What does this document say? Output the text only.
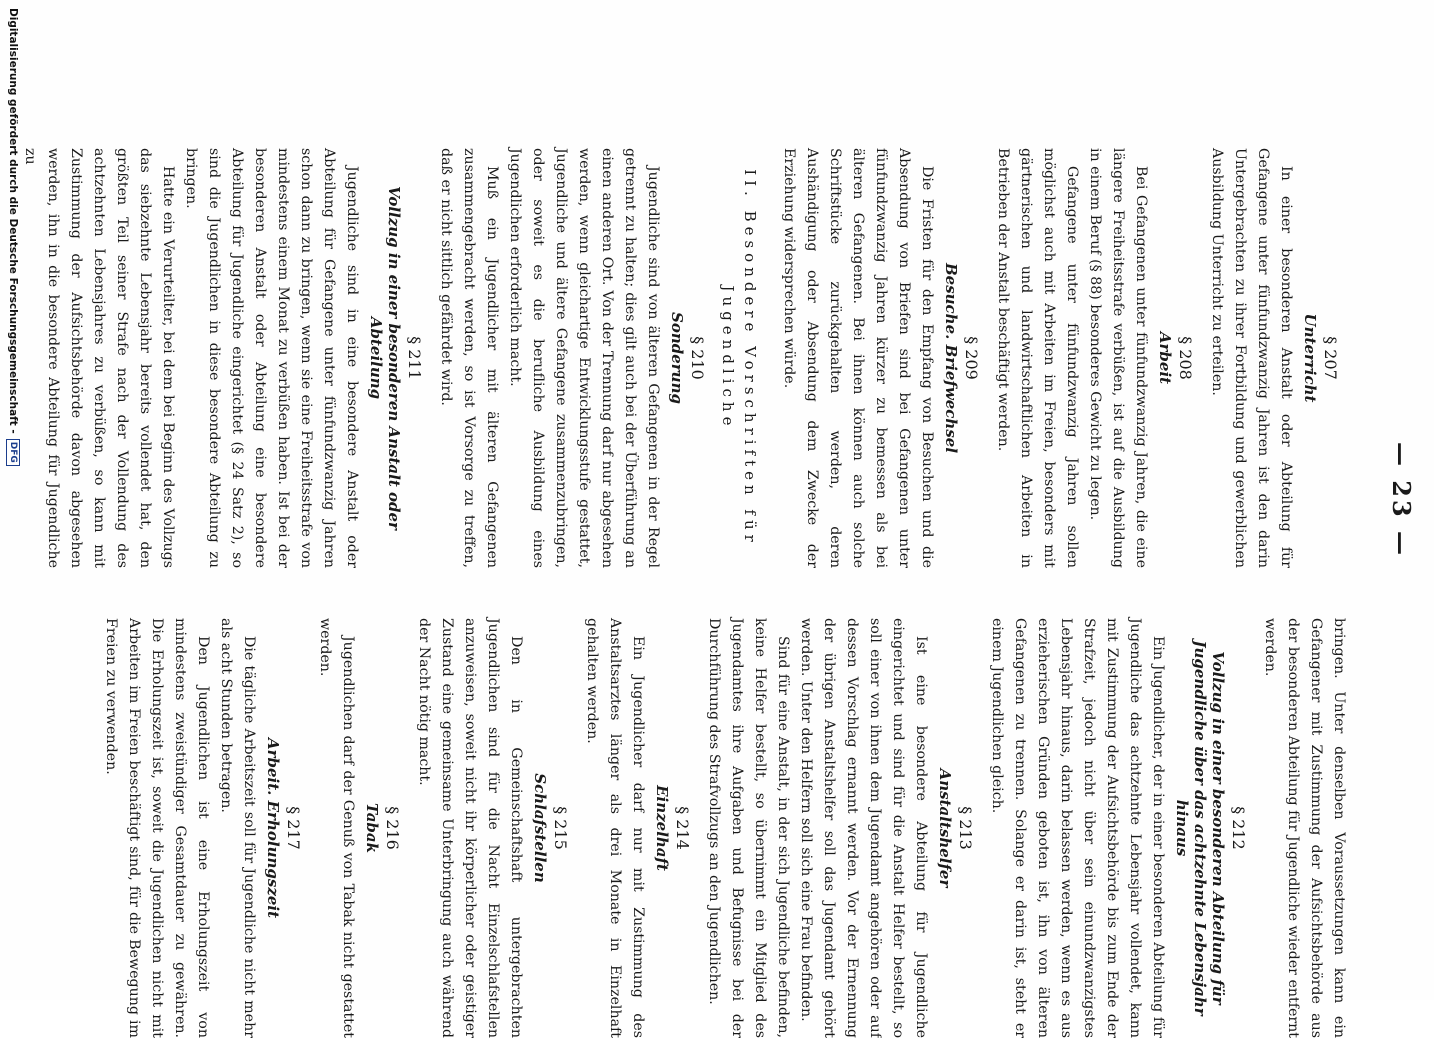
— 23 —
§ 207
Unterricht

In einer besonderen Anstalt oder Abteilung für Gefangene unter fünfundzwanzig Jahren ist den darin Untergebrachten zu ihrer Fortbildung und gewerblichen Ausbildung Unterricht zu erteilen.

§ 208
Arbeit

Bei Gefangenen unter fünfundzwanzig Jahren, die eine längere Freiheitsstrafe verbüßen, ist auf die Ausbildung in einem Beruf (§ 88) besonderes Gewicht zu legen.

Gefangene unter fünfundzwanzig Jahren sollen möglichst auch mit Arbeiten im Freien, besonders mit gärtnerischen und landwirtschaftlichen Arbeiten in Betrieben der Anstalt beschäftigt werden.

§ 209
Besuche. Briefwechsel

Die Fristen für den Empfang von Besuchen und die Absendung von Briefen sind bei Gefangenen unter fünfundzwanzig Jahren kürzer zu bemessen als bei älteren Gefangenen. Bei ihnen können auch solche Schriftstücke zurückgehalten werden, deren Aushändigung oder Absendung dem Zwecke der Erziehung widersprechen würde.

II. Besondere Vorschriften für Jugendliche
§ 210
Sonderung

Jugendliche sind von älteren Gefangenen in der Regel getrennt zu halten; dies gilt auch bei der Überführung an einen anderen Ort. Von der Trennung darf nur abgesehen werden, wenn gleichartige Entwicklungsstufe gestattet, Jugendliche und ältere Gefangene zusammenzubringen, oder soweit es die berufliche Ausbildung eines Jugendlichen erforderlich macht.

Muß ein Jugendlicher mit älteren Gefangenen zusammengebracht werden, so ist Vorsorge zu treffen, daß er nicht sittlich gefährdet wird.

§ 211
Vollzug in einer besonderen Anstalt oder Abteilung

Jugendliche sind in eine besondere Anstalt oder Abteilung für Gefangene unter fünfundzwanzig Jahren schon dann zu bringen, wenn sie eine Freiheitsstrafe von mindestens einem Monat zu verbüßen haben. Ist bei der besonderen Anstalt oder Abteilung eine besondere Abteilung für Jugendliche eingerichtet (§ 24 Satz 2), so sind die Jugendlichen in diese besondere Abteilung zu bringen.

Hatte ein Verurteilter, bei dem bei Beginn des Vollzugs das siebzehnte Lebensjahr bereits vollendet hat, den größten Teil seiner Strafe nach der Vollendung des achtzehnten Lebensjahres zu verbüßen, so kann mit Zustimmung der Aufsichtsbehörde davon abgesehen werden, ihn in die besondere Abteilung für Jugendliche zu

bringen. Unter denselben Voraussetzungen kann ein Gefangener mit Zustimmung der Aufsichtsbehörde aus der besonderen Abteilung für Jugendliche wieder entfernt werden.

§ 212
Vollzug in einer besonderen Abteilung für Jugendliche über das achtzehnte Lebensjahr hinaus

Ein Jugendlicher, der in einer besonderen Abteilung für Jugendliche das achtzehnte Lebensjahr vollendet, kann mit Zustimmung der Aufsichtsbehörde bis zum Ende der Strafzeit, jedoch nicht über sein einundzwanzigstes Lebensjahr hinaus, darin belassen werden, wenn es aus erzieherischen Gründen geboten ist, ihn von älteren Gefangenen zu trennen. Solange er darin ist, steht er einem Jugendlichen gleich.

§ 213
Anstaltshelfer

Ist eine besondere Abteilung für Jugendliche eingerichtet und sind für die Anstalt Helfer bestellt, so soll einer von ihnen dem Jugendamt angehören oder auf dessen Vorschlag ernannt werden. Vor der Ernennung der übrigen Anstaltshelfer soll das Jugendamt gehört werden. Unter den Helfern soll sich eine Frau befinden.

Sind für eine Anstalt, in der sich Jugendliche befinden, keine Helfer bestellt, so übernimmt ein Mitglied des Jugendamtes ihre Aufgaben und Befugnisse bei der Durchführung des Strafvollzugs an den Jugendlichen.

§ 214
Einzelhaft

Ein Jugendlicher darf nur mit Zustimmung des Anstaltsarztes länger als drei Monate in Einzelhaft gehalten werden.

§ 215
Schlafstellen

Den in Gemeinschaftshaft untergebrachten Jugendlichen sind für die Nacht Einzelschlafstellen anzuweisen, soweit nicht ihr körperlicher oder geistiger Zustand eine gemeinsame Unterbringung auch während der Nacht nötig macht.

§ 216
Tabak

Jugendlichen darf der Genuß von Tabak nicht gestattet werden.

§ 217
Arbeit. Erholungszeit

Die tägliche Arbeitszeit soll für Jugendliche nicht mehr als acht Stunden betragen.

Den Jugendlichen ist eine Erholungszeit von mindestens zweistündiger Gesamtdauer zu gewähren. Die Erholungszeit ist, soweit die Jugendlichen nicht mit Arbeiten im Freien beschäftigt sind, für die Bewegung im Freien zu verwenden.

Digitalisierung gefördert durch die Deutsche Forschungsgemeinschaft -
DFG
